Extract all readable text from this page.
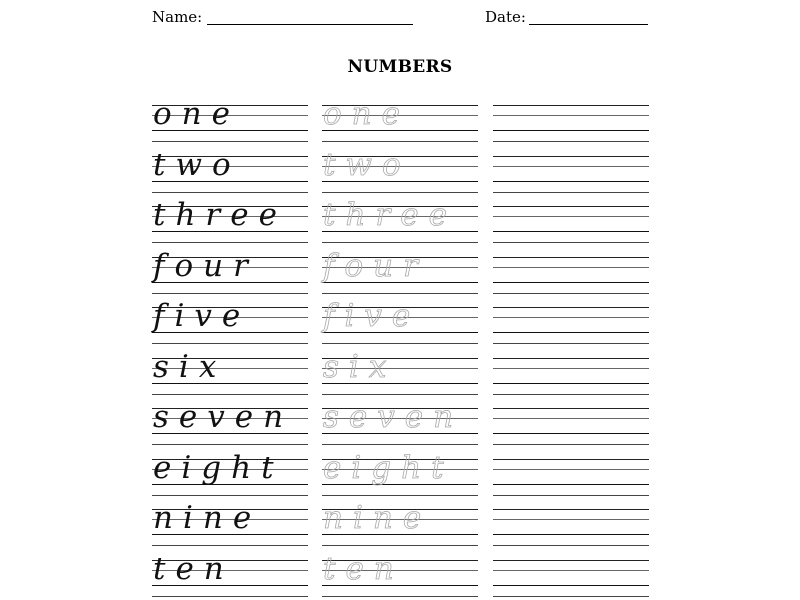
Name:	Date:
NUMBERS
one
two
three
four
five
six
seven
eight
nine
ten
one
two
three
four
five
six
seven
eight
nine
ten
